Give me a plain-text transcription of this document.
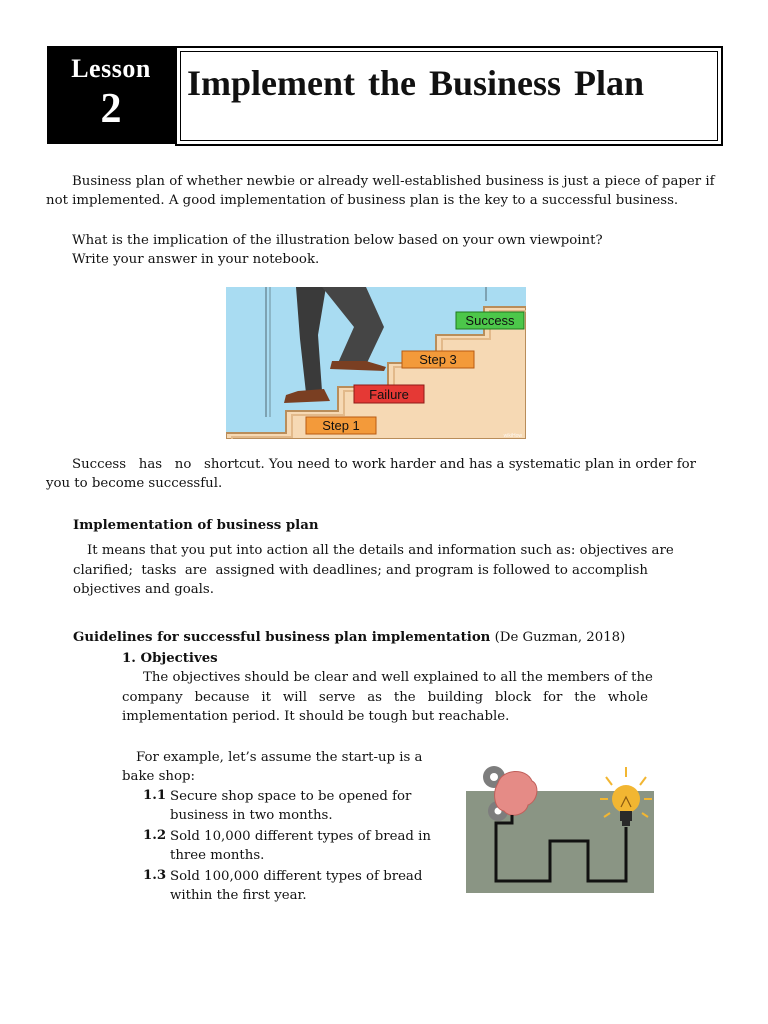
Lesson
2
Implement the Business Plan
Business plan of whether newbie or already well-established business is just a piece of paper if
not implemented. A good implementation of business plan is the key to a successful business.
What is the implication of the illustration below based on your own viewpoint?
Write your answer in your notebook.
Step 1
Failure
Step 3
Success
wikiHow
Success   has   no   shortcut. You need to work harder and has a systematic plan in order for
you to become successful.
Implementation of business plan
It means that you put into action all the details and information such as: objectives are
clarified;  tasks  are  assigned with deadlines; and program is followed to accomplish
objectives and goals.
Guidelines for successful business plan implementation (De Guzman, 2018)
1. Objectives
The objectives should be clear and well explained to all the members of the
company because it will serve as the building block for the whole
implementation period. It should be tough but reachable.
For example, let’s assume the start-up is a
bake shop:
1.1 Secure shop space to be opened for
business in two months.
1.2 Sold 10,000 different types of bread in
three months.
1.3 Sold 100,000 different types of bread
within the first year.
